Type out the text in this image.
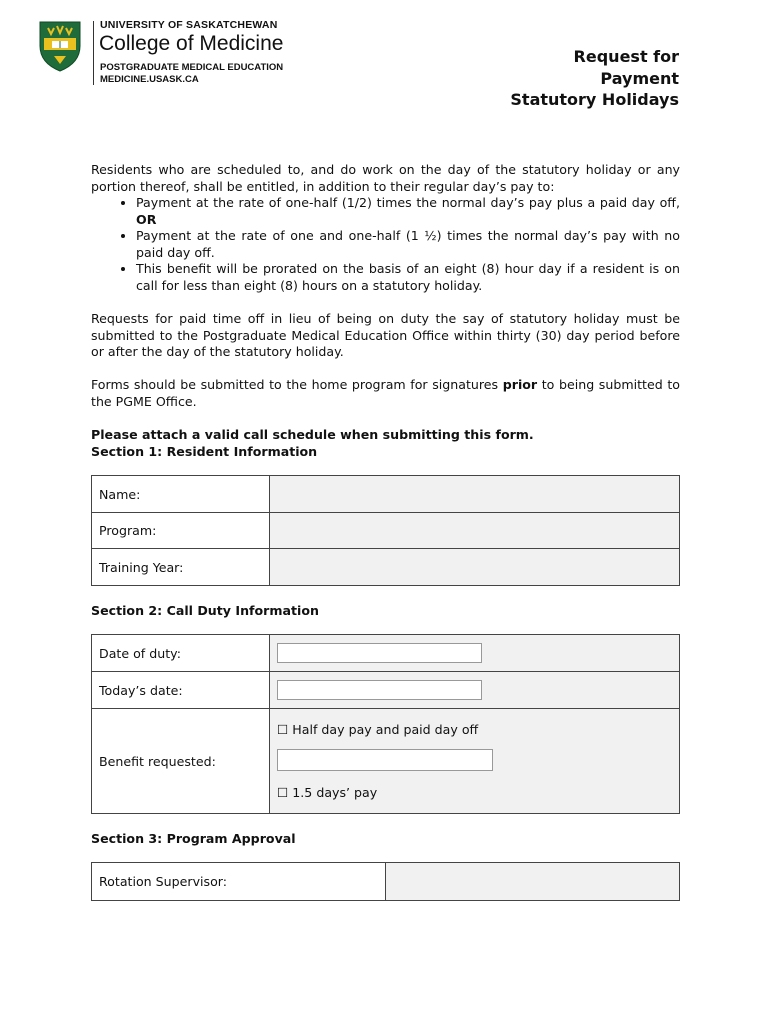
UNIVERSITY OF SASKATCHEWAN
College of Medicine
POSTGRADUATE MEDICAL EDUCATION
MEDICINE.USASK.CA
Request for
Payment
Statutory Holidays
Residents who are scheduled to, and do work on the day of the statutory holiday or any portion thereof, shall be entitled, in addition to their regular day’s pay to:
• Payment at the rate of one-half (1/2) times the normal day’s pay plus a paid day off, OR
• Payment at the rate of one and one-half (1 ½) times the normal day’s pay with no paid day off.
• This benefit will be prorated on the basis of an eight (8) hour day if a resident is on call for less than eight (8) hours on a statutory holiday.
Requests for paid time off in lieu of being on duty the say of statutory holiday must be submitted to the Postgraduate Medical Education Office within thirty (30) day period before or after the day of the statutory holiday.
Forms should be submitted to the home program for signatures prior to being submitted to the PGME Office.
Please attach a valid call schedule when submitting this form.
Section 1: Resident Information
Name:	
Program:	
Training Year:	
Section 2: Call Duty Information
Date of duty:	

Today’s date:	

Benefit requested:	☐ Half day pay and paid day off
☐ 1.5 days’ pay
Section 3: Program Approval
Rotation Supervisor:	
